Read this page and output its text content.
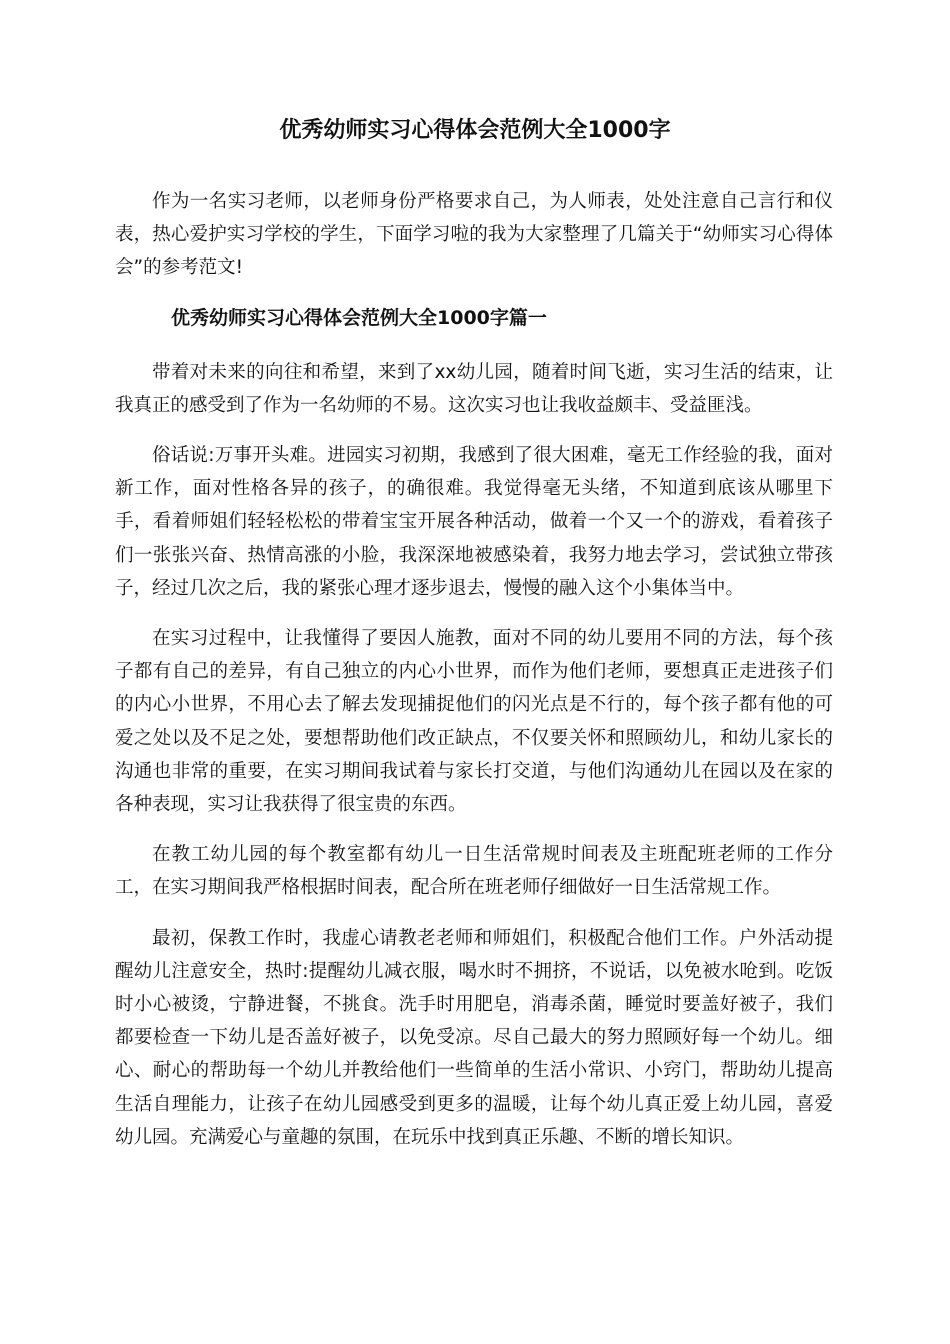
优秀幼师实习心得体会范例大全1000字

作为一名实习老师，以老师身份严格要求自己，为人师表，处处注意自己言行和仪表，热心爱护实习学校的学生，下面学习啦的我为大家整理了几篇关于“幼师实习心得体会”的参考范文!

优秀幼师实习心得体会范例大全1000字篇一

带着对未来的向往和希望，来到了xx幼儿园，随着时间飞逝，实习生活的结束，让我真正的感受到了作为一名幼师的不易。这次实习也让我收益颇丰、受益匪浅。

俗话说:万事开头难。进园实习初期，我感到了很大困难，毫无工作经验的我，面对新工作，面对性格各异的孩子，的确很难。我觉得毫无头绪，不知道到底该从哪里下手，看着师姐们轻轻松松的带着宝宝开展各种活动，做着一个又一个的游戏，看着孩子们一张张兴奋、热情高涨的小脸，我深深地被感染着，我努力地去学习，尝试独立带孩子，经过几次之后，我的紧张心理才逐步退去，慢慢的融入这个小集体当中。

在实习过程中，让我懂得了要因人施教，面对不同的幼儿要用不同的方法，每个孩子都有自己的差异，有自己独立的内心小世界，而作为他们老师，要想真正走进孩子们的内心小世界，不用心去了解去发现捕捉他们的闪光点是不行的，每个孩子都有他的可爱之处以及不足之处，要想帮助他们改正缺点，不仅要关怀和照顾幼儿，和幼儿家长的沟通也非常的重要，在实习期间我试着与家长打交道，与他们沟通幼儿在园以及在家的各种表现，实习让我获得了很宝贵的东西。

在教工幼儿园的每个教室都有幼儿一日生活常规时间表及主班配班老师的工作分工，在实习期间我严格根据时间表，配合所在班老师仔细做好一日生活常规工作。

最初，保教工作时，我虚心请教老老师和师姐们，积极配合他们工作。户外活动提醒幼儿注意安全，热时:提醒幼儿减衣服，喝水时不拥挤，不说话，以免被水呛到。吃饭时小心被烫，宁静进餐，不挑食。洗手时用肥皂，消毒杀菌，睡觉时要盖好被子，我们都要检查一下幼儿是否盖好被子，以免受凉。尽自己最大的努力照顾好每一个幼儿。细心、耐心的帮助每一个幼儿并教给他们一些简单的生活小常识、小窍门，帮助幼儿提高生活自理能力，让孩子在幼儿园感受到更多的温暖，让每个幼儿真正爱上幼儿园，喜爱幼儿园。充满爱心与童趣的氛围，在玩乐中找到真正乐趣、不断的增长知识。
